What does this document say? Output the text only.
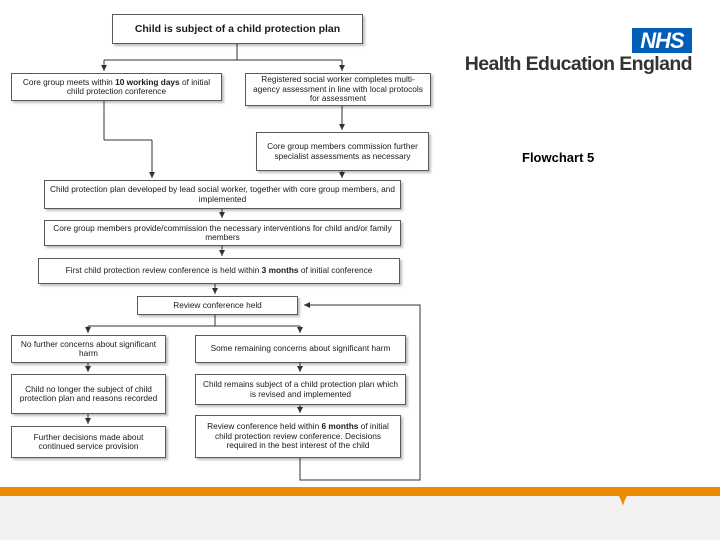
Child is subject of a child protection plan
Core group meets within 10 working days of initial child protection conference
Registered social worker completes multi-agency assessment in line with local protocols for assessment
Core group members commission further specialist assessments as necessary
Child protection plan developed by lead social worker, together with core group members, and implemented
Core group members provide/commission the necessary interventions for child and/or family members
First child protection review conference is held within 3 months of initial conference
Review conference held
No further concerns about significant harm	Some remaining concerns about significant harm
Child no longer the subject of child protection plan and reasons recorded
Child remains subject of a child protection plan which is revised and implemented
Further decisions made about continued service provision
Review conference held within 6 months of initial child protection review conference. Decisions required in the best interest of the child
NHS
Health Education England
Flowchart 5
